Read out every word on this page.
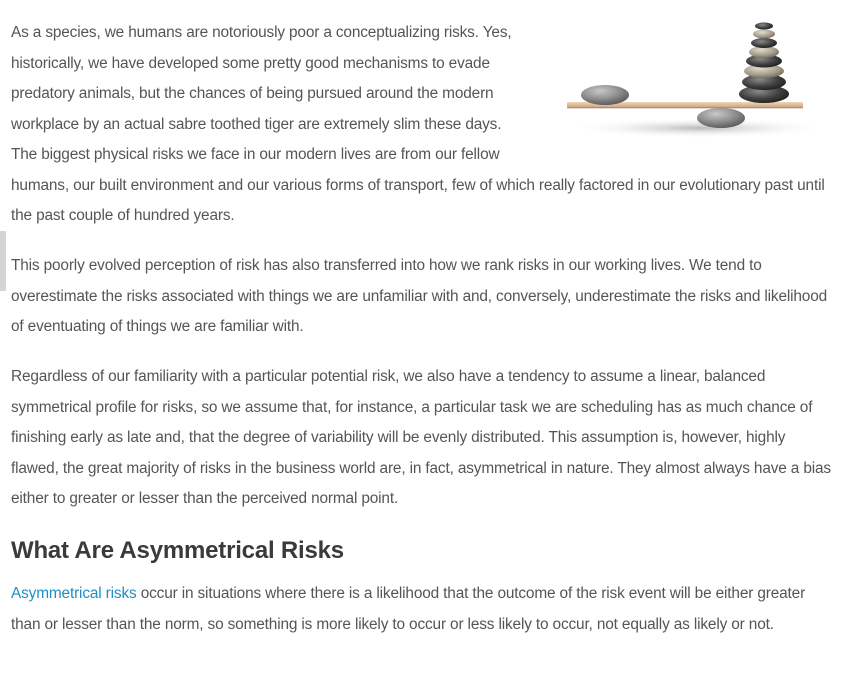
As a species, we humans are notoriously poor a conceptualizing risks. Yes, historically, we have developed some pretty good mechanisms to evade predatory animals, but the chances of being pursued around the modern workplace by an actual sabre toothed tiger are extremely slim these days. The biggest physical risks we face in our modern lives are from our fellow humans, our built environment and our various forms of transport, few of which really factored in our evolutionary past until the past couple of hundred years.

This poorly evolved perception of risk has also transferred into how we rank risks in our working lives. We tend to overestimate the risks associated with things we are unfamiliar with and, conversely, underestimate the risks and likelihood of eventuating of things we are familiar with.

Regardless of our familiarity with a particular potential risk, we also have a tendency to assume a linear, balanced symmetrical profile for risks, so we assume that, for instance, a particular task we are scheduling has as much chance of finishing early as late and, that the degree of variability will be evenly distributed. This assumption is, however, highly flawed, the great majority of risks in the business world are, in fact, asymmetrical in nature. They almost always have a bias either to greater or lesser than the perceived normal point.

What Are Asymmetrical Risks

Asymmetrical risks occur in situations where there is a likelihood that the outcome of the risk event will be either greater than or lesser than the norm, so something is more likely to occur or less likely to occur, not equally as likely or not.
